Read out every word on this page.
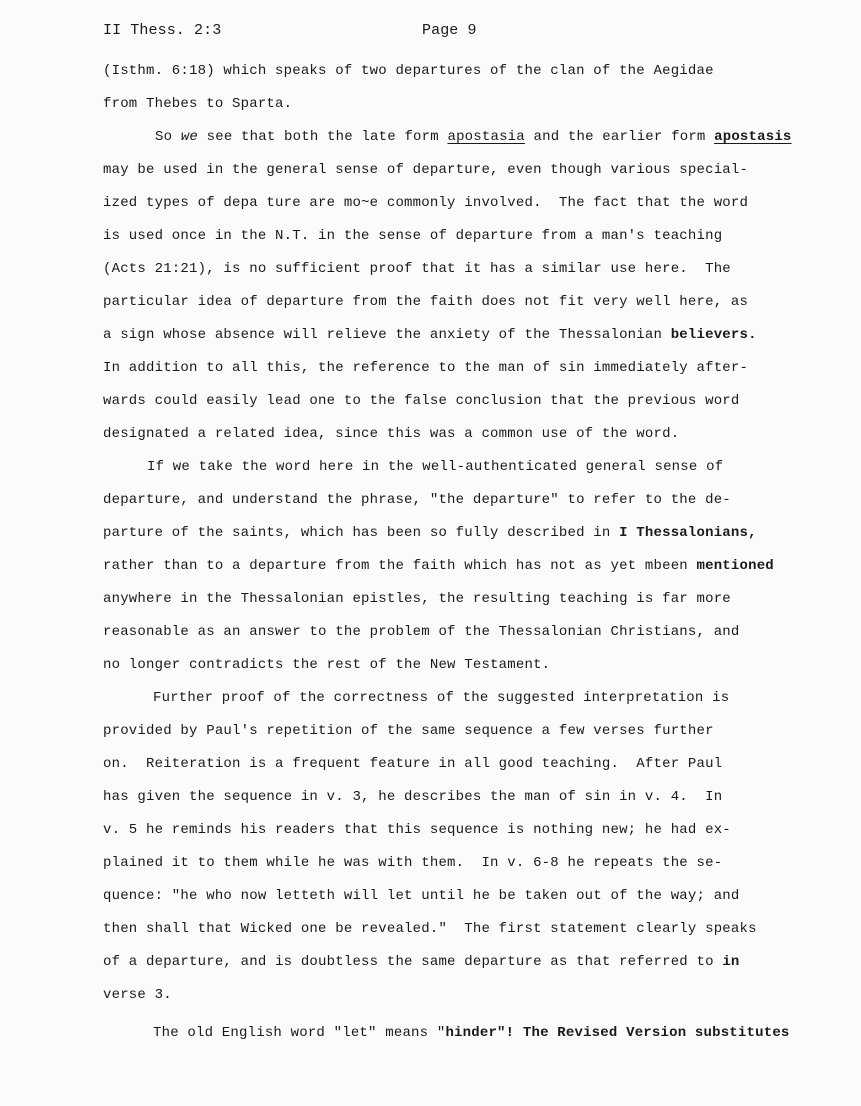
II Thess. 2:3	Page 9
(Isthm. 6:18) which speaks of two departures of the clan of the Aegidae
from Thebes to Sparta.
So we see that both the late form apostasia and the earlier form apostasis
may be used in the general sense of departure, even though various special-
ized types of depa ture are mo~e commonly involved.  The fact that the word
is used once in the N.T. in the sense of departure from a man's teaching
(Acts 21:21), is no sufficient proof that it has a similar use here.  The
particular idea of departure from the faith does not fit very well here, as
a sign whose absence will relieve the anxiety of the Thessalonian believers.
In addition to all this, the reference to the man of sin immediately after-
wards could easily lead one to the false conclusion that the previous word
designated a related idea, since this was a common use of the word.
If we take the word here in the well-authenticated general sense of
departure, and understand the phrase, "the departure" to refer to the de-
parture of the saints, which has been so fully described in I Thessalonians,
rather than to a departure from the faith which has not as yet mbeen mentioned
anywhere in the Thessalonian epistles, the resulting teaching is far more
reasonable as an answer to the problem of the Thessalonian Christians, and
no longer contradicts the rest of the New Testament.
Further proof of the correctness of the suggested interpretation is
provided by Paul's repetition of the same sequence a few verses further
on.  Reiteration is a frequent feature in all good teaching.  After Paul
has given the sequence in v. 3, he describes the man of sin in v. 4.  In
v. 5 he reminds his readers that this sequence is nothing new; he had ex-
plained it to them while he was with them.  In v. 6-8 he repeats the se-
quence: "he who now letteth will let until he be taken out of the way; and
then shall that Wicked one be revealed."  The first statement clearly speaks
of a departure, and is doubtless the same departure as that referred to in
verse 3.
The old English word "let" means "hinder"! The Revised Version substitutes
